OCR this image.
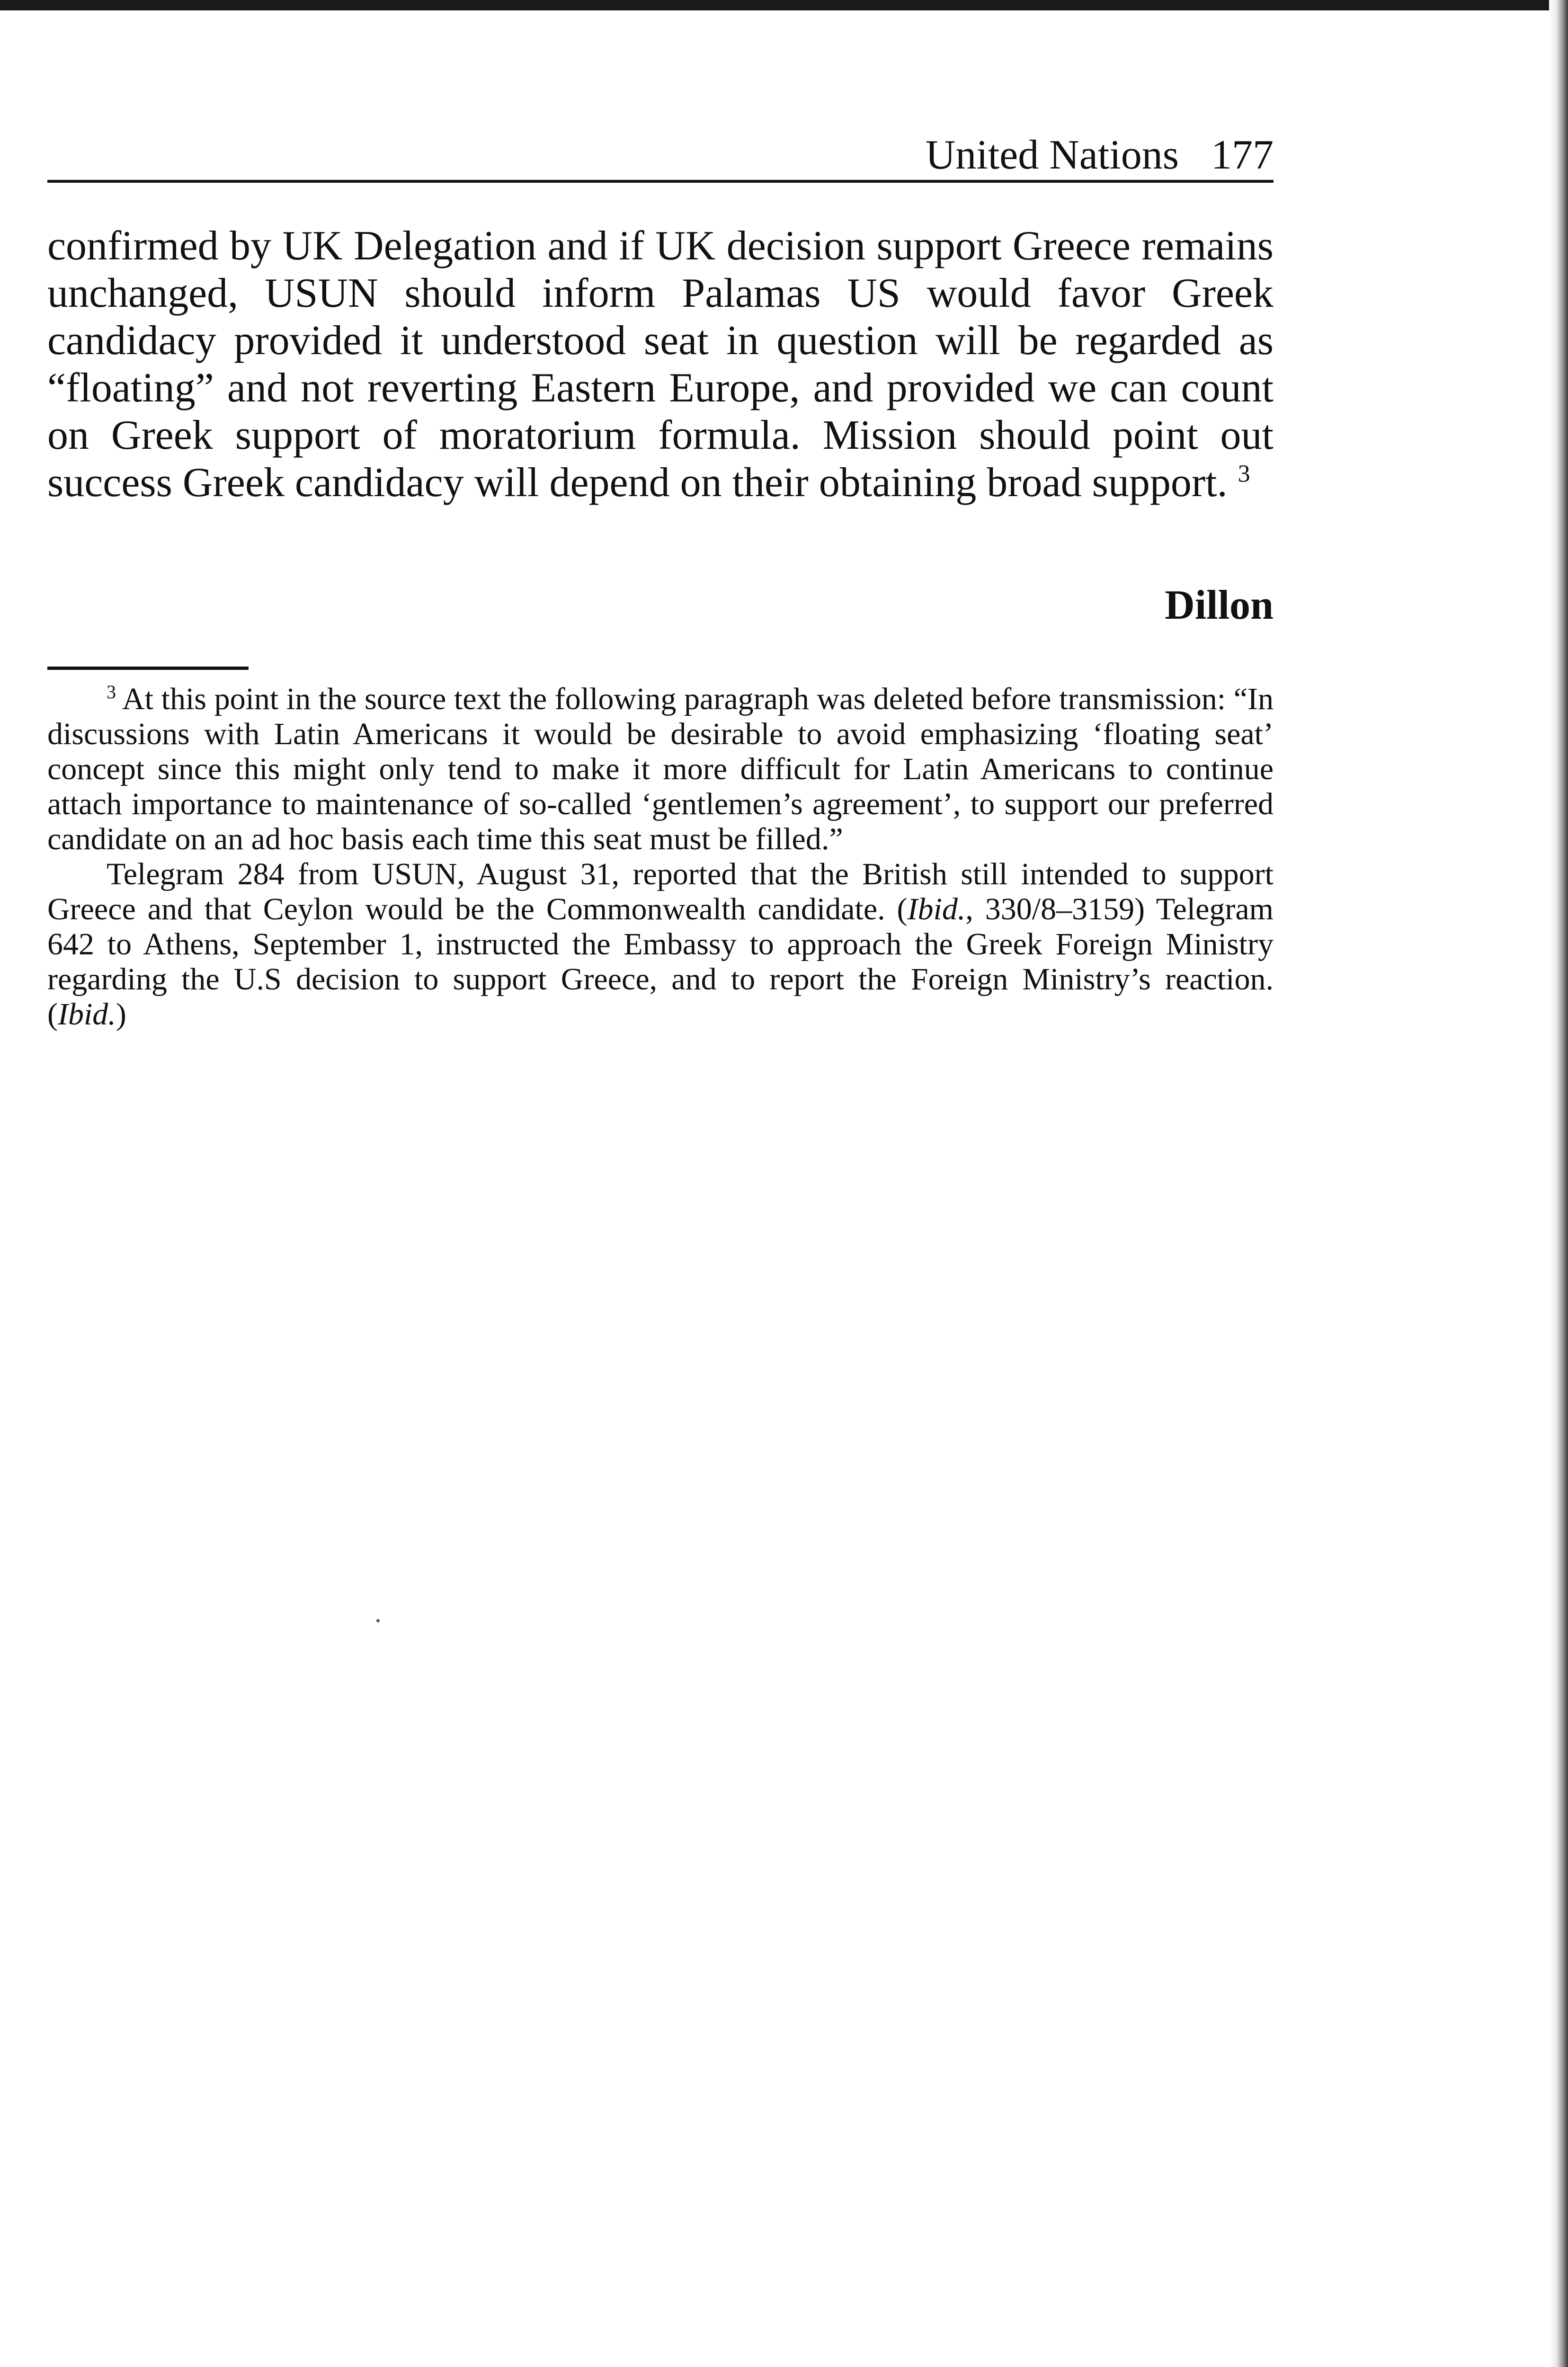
United Nations 177

confirmed by UK Delegation and if UK decision support Greece remains unchanged, USUN should inform Palamas US would favor Greek candidacy provided it understood seat in question will be regarded as “floating” and not reverting Eastern Europe, and provided we can count on Greek support of moratorium formula. Mission should point out success Greek candidacy will depend on their obtaining broad support. $^3$

Dillon

$^3$ At this point in the source text the following paragraph was deleted before transmission: “In discussions with Latin Americans it would be desirable to avoid emphasizing ‘floating seat’ concept since this might only tend to make it more difficult for Latin Americans to continue attach importance to maintenance of so-called ‘gentlemen’s agreement’, to support our preferred candidate on an ad hoc basis each time this seat must be filled.”

Telegram 284 from USUN, August 31, reported that the British still intended to support Greece and that Ceylon would be the Commonwealth candidate. (Ibid., 330/8–3159) Telegram 642 to Athens, September 1, instructed the Embassy to approach the Greek Foreign Ministry regarding the U.S decision to support Greece, and to report the Foreign Ministry’s reaction. (Ibid.)
